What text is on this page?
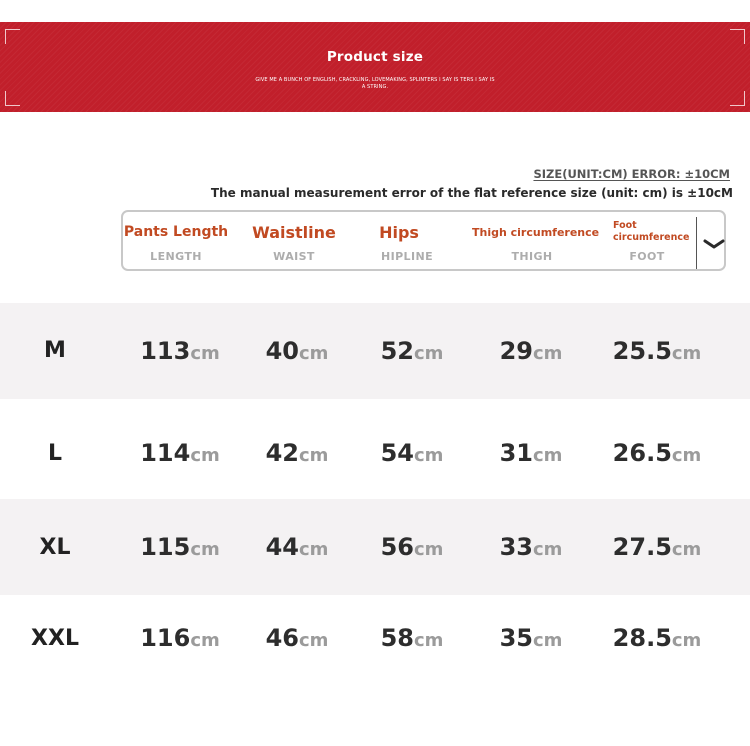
Product size
GIVE ME A BUNCH OF ENGLISH, CRACKLING, LOVEMAKING, SPLINTERS I SAY IS TERS I SAY IS A STRING.
SIZE(UNIT:CM) ERROR: ±10CM
The manual measurement error of the flat reference size (unit: cm) is ±10cM
Pants Length
LENGTH
Waistline
WAIST
Hips
HIPLINE
Thigh circumference
THIGH
Foot circumference
FOOT
M	113cm	40cm	52cm	29cm	25.5cm
L	114cm	42cm	54cm	31cm	26.5cm
XL	115cm	44cm	56cm	33cm	27.5cm
XXL	116cm	46cm	58cm	35cm	28.5cm
